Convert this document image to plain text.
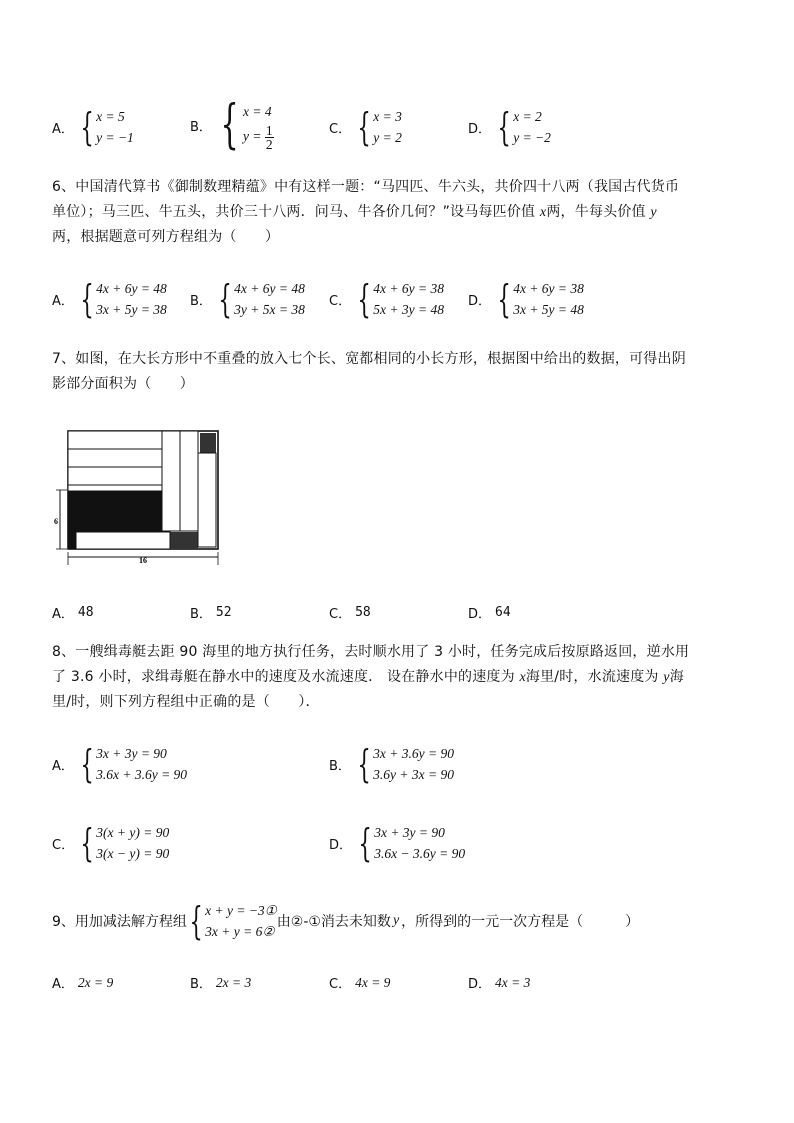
A． { x = 5
y = −1
B． { x = 4
$y = \frac{1}{2}$	C． { x = 3
y = 2
D． { x = 2
y = −2
6、中国清代算书《御制数理精蕴》中有这样一题：“马四匹、牛六头，共价四十八两（我国古代货币
单位）；马三匹、牛五头，共价三十八两．问马、牛各价几何？”设马每匹价值 x两，牛每头价值 y
两，根据题意可列方程组为（　　）
A． { 4x + 6y = 48
3x + 5y = 38
B． { 4x + 6y = 48
3y + 5x = 38
C． { 4x + 6y = 38
5x + 3y = 48
D． { 4x + 6y = 38
3x + 5y = 48
7、如图，在大长方形中不重叠的放入七个长、宽都相同的小长方形，根据图中给出的数据，可得出阴
影部分面积为（　　）
6
16
A． 48	B． 52	C． 58	D． 64
8、一艘缉毒艇去距 90 海里的地方执行任务，去时顺水用了 3 小时，任务完成后按原路返回，逆水用
了 3.6 小时，求缉毒艇在静水中的速度及水流速度． 设在静水中的速度为 x海里/时，水流速度为 y海
里/时，则下列方程组中正确的是（　　）．
A． { 3x + 3y = 90
3.6x + 3.6y = 90
B． { 3x + 3.6y = 90
3.6y + 3x = 90
C． { 3(x + y) = 90
3(x − y) = 90
D． { 3x + 3y = 90
3.6x − 3.6y = 90
9、用加减法解方程组 { x + y = −3①
3x + y = 6②
由②-①消去未知数 y ，所得到的一元一次方程是（　　　）
A． 2x = 9	B． 2x = 3	C． 4x = 9	D． 4x = 3
